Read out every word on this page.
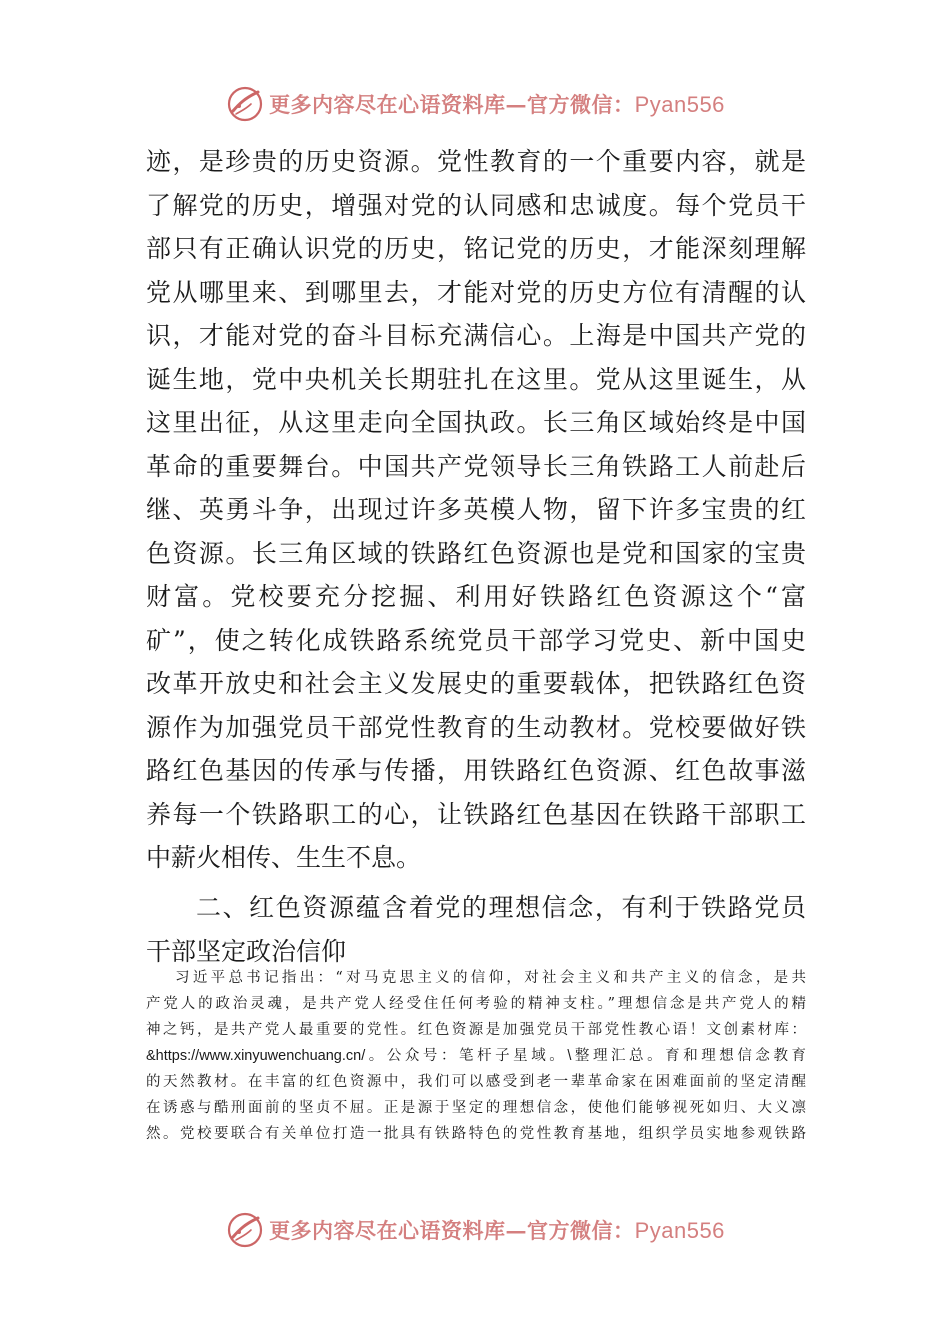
更多内容尽在心语资料库—官方微信：Pyan556
迹，是珍贵的历史资源。党性教育的一个重要内容，就是
了解党的历史，增强对党的认同感和忠诚度。每个党员干
部只有正确认识党的历史，铭记党的历史，才能深刻理解
党从哪里来、到哪里去，才能对党的历史方位有清醒的认
识，才能对党的奋斗目标充满信心。上海是中国共产党的
诞生地，党中央机关长期驻扎在这里。党从这里诞生，从
这里出征，从这里走向全国执政。长三角区域始终是中国
革命的重要舞台。中国共产党领导长三角铁路工人前赴后
继、英勇斗争，出现过许多英模人物，留下许多宝贵的红
色资源。长三角区域的铁路红色资源也是党和国家的宝贵
财富。党校要充分挖掘、利用好铁路红色资源这个“富
矿”，使之转化成铁路系统党员干部学习党史、新中国史
改革开放史和社会主义发展史的重要载体，把铁路红色资
源作为加强党员干部党性教育的生动教材。党校要做好铁
路红色基因的传承与传播，用铁路红色资源、红色故事滋
养每一个铁路职工的心，让铁路红色基因在铁路干部职工
中薪火相传、生生不息。
二、红色资源蕴含着党的理想信念，有利于铁路党员
干部坚定政治信仰
习近平总书记指出：“对马克思主义的信仰，对社会主义和共产主义的信念，是共
产党人的政治灵魂，是共产党人经受住任何考验的精神支柱。”理想信念是共产党人的精
神之钙，是共产党人最重要的党性。红色资源是加强党员干部党性教心语！文创素材库：
&https://www.xinyuwenchuang.cn/。公众号：笔杆子星域。\整理汇总。育和理想信念教育
的天然教材。在丰富的红色资源中，我们可以感受到老一辈革命家在困难面前的坚定清醒
在诱惑与酷刑面前的坚贞不屈。正是源于坚定的理想信念，使他们能够视死如归、大义凛
然。党校要联合有关单位打造一批具有铁路特色的党性教育基地，组织学员实地参观铁路
更多内容尽在心语资料库—官方微信：Pyan556
